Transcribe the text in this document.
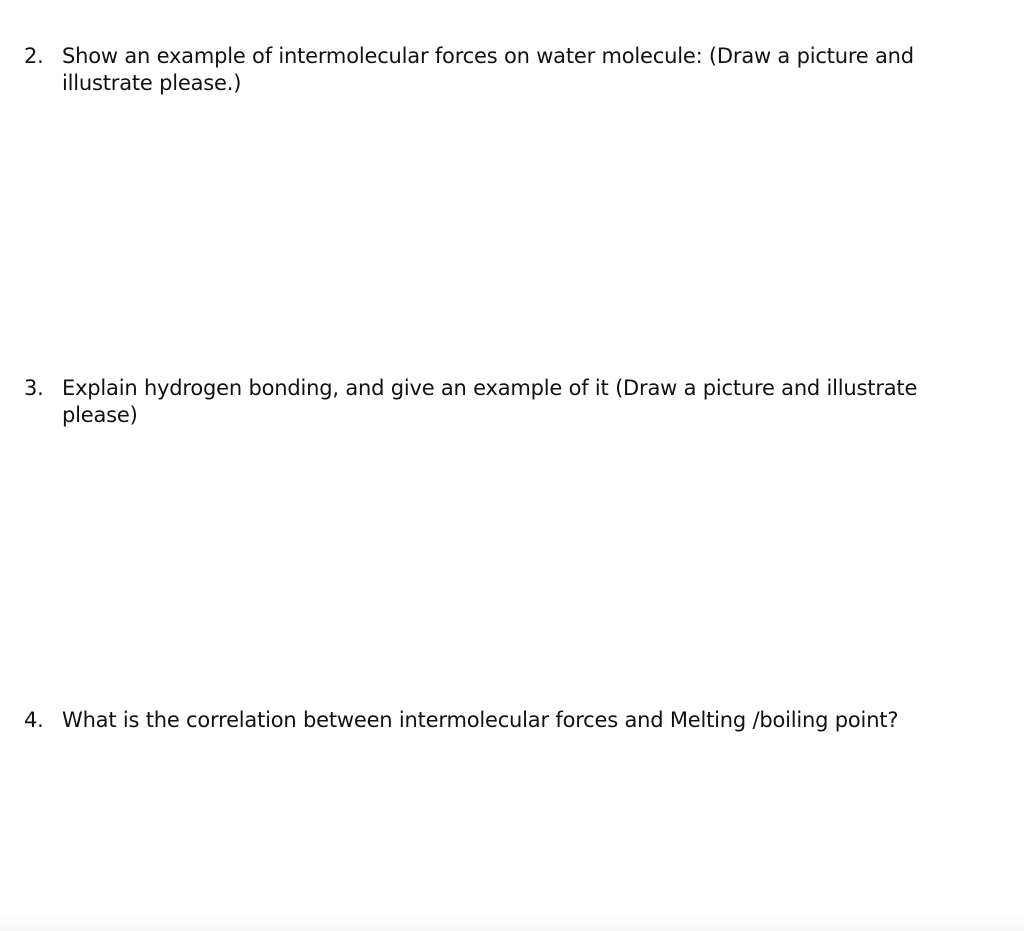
2. Show an example of intermolecular forces on water molecule: (Draw a picture and illustrate please.)
3. Explain hydrogen bonding, and give an example of it (Draw a picture and illustrate please)
4. What is the correlation between intermolecular forces and Melting /boiling point?
